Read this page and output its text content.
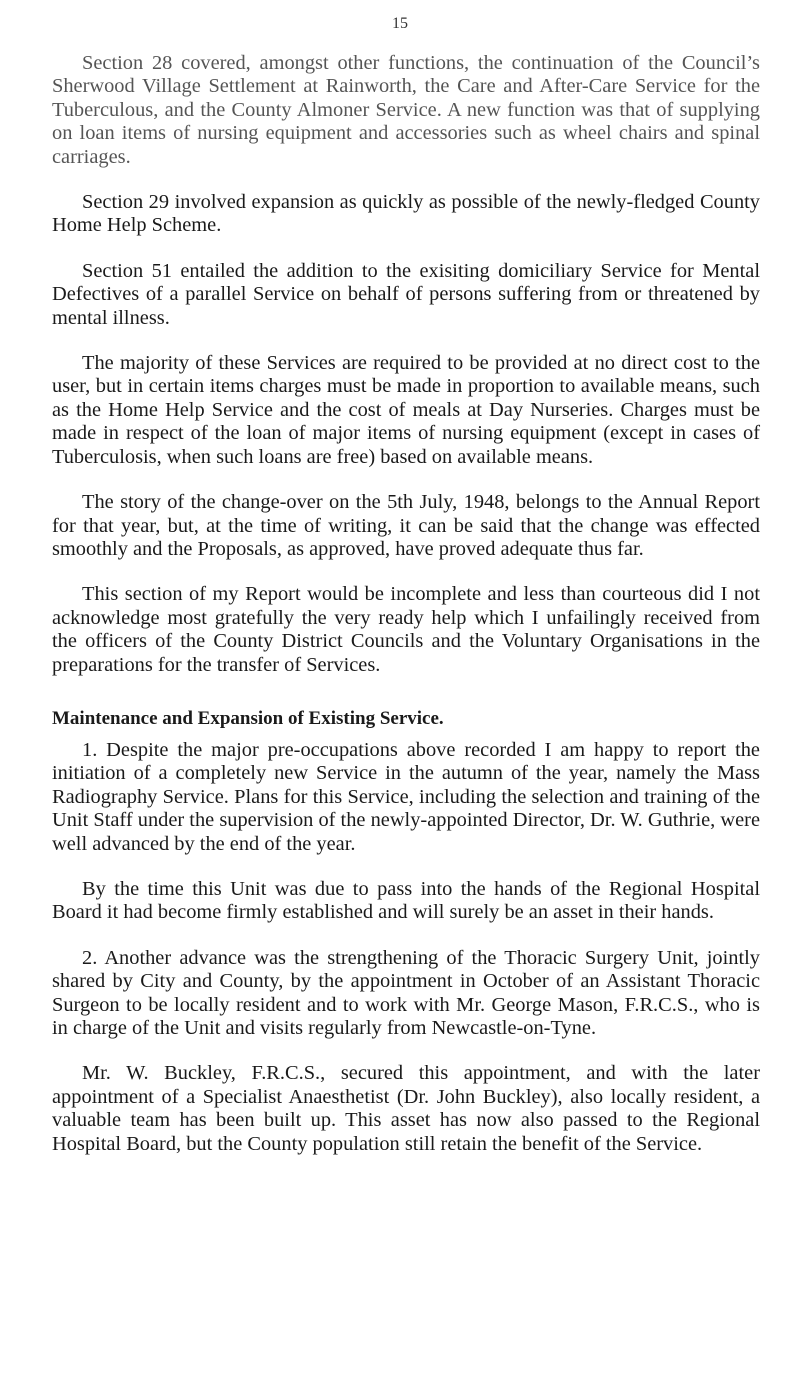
15

Section 28 covered, amongst other functions, the continuation of the Council’s Sherwood Village Settlement at Rainworth, the Care and After-Care Service for the Tuberculous, and the County Almoner Service. A new function was that of supplying on loan items of nursing equipment and accessories such as wheel chairs and spinal carriages.

Section 29 involved expansion as quickly as possible of the newly-fledged County Home Help Scheme.

Section 51 entailed the addition to the exisiting domiciliary Service for Mental Defectives of a parallel Service on behalf of persons suffering from or threatened by mental illness.

The majority of these Services are required to be provided at no direct cost to the user, but in certain items charges must be made in proportion to available means, such as the Home Help Service and the cost of meals at Day Nurseries. Charges must be made in respect of the loan of major items of nursing equipment (except in cases of Tuberculosis, when such loans are free) based on available means.

The story of the change-over on the 5th July, 1948, belongs to the Annual Report for that year, but, at the time of writing, it can be said that the change was effected smoothly and the Proposals, as approved, have proved adequate thus far.

This section of my Report would be incomplete and less than courteous did I not acknowledge most gratefully the very ready help which I unfailingly received from the officers of the County District Councils and the Voluntary Organisations in the preparations for the transfer of Services.

Maintenance and Expansion of Existing Service.

1. Despite the major pre-occupations above recorded I am happy to report the initiation of a completely new Service in the autumn of the year, namely the Mass Radiography Service. Plans for this Service, including the selection and training of the Unit Staff under the supervision of the newly-appointed Director, Dr. W. Guthrie, were well advanced by the end of the year.

By the time this Unit was due to pass into the hands of the Regional Hospital Board it had become firmly established and will surely be an asset in their hands.

2. Another advance was the strengthening of the Thoracic Surgery Unit, jointly shared by City and County, by the appointment in October of an Assistant Thoracic Surgeon to be locally resident and to work with Mr. George Mason, F.R.C.S., who is in charge of the Unit and visits regularly from Newcastle-on-Tyne.

Mr. W. Buckley, F.R.C.S., secured this appointment, and with the later appointment of a Specialist Anaesthetist (Dr. John Buckley), also locally resident, a valuable team has been built up. This asset has now also passed to the Regional Hospital Board, but the County population still retain the benefit of the Service.
